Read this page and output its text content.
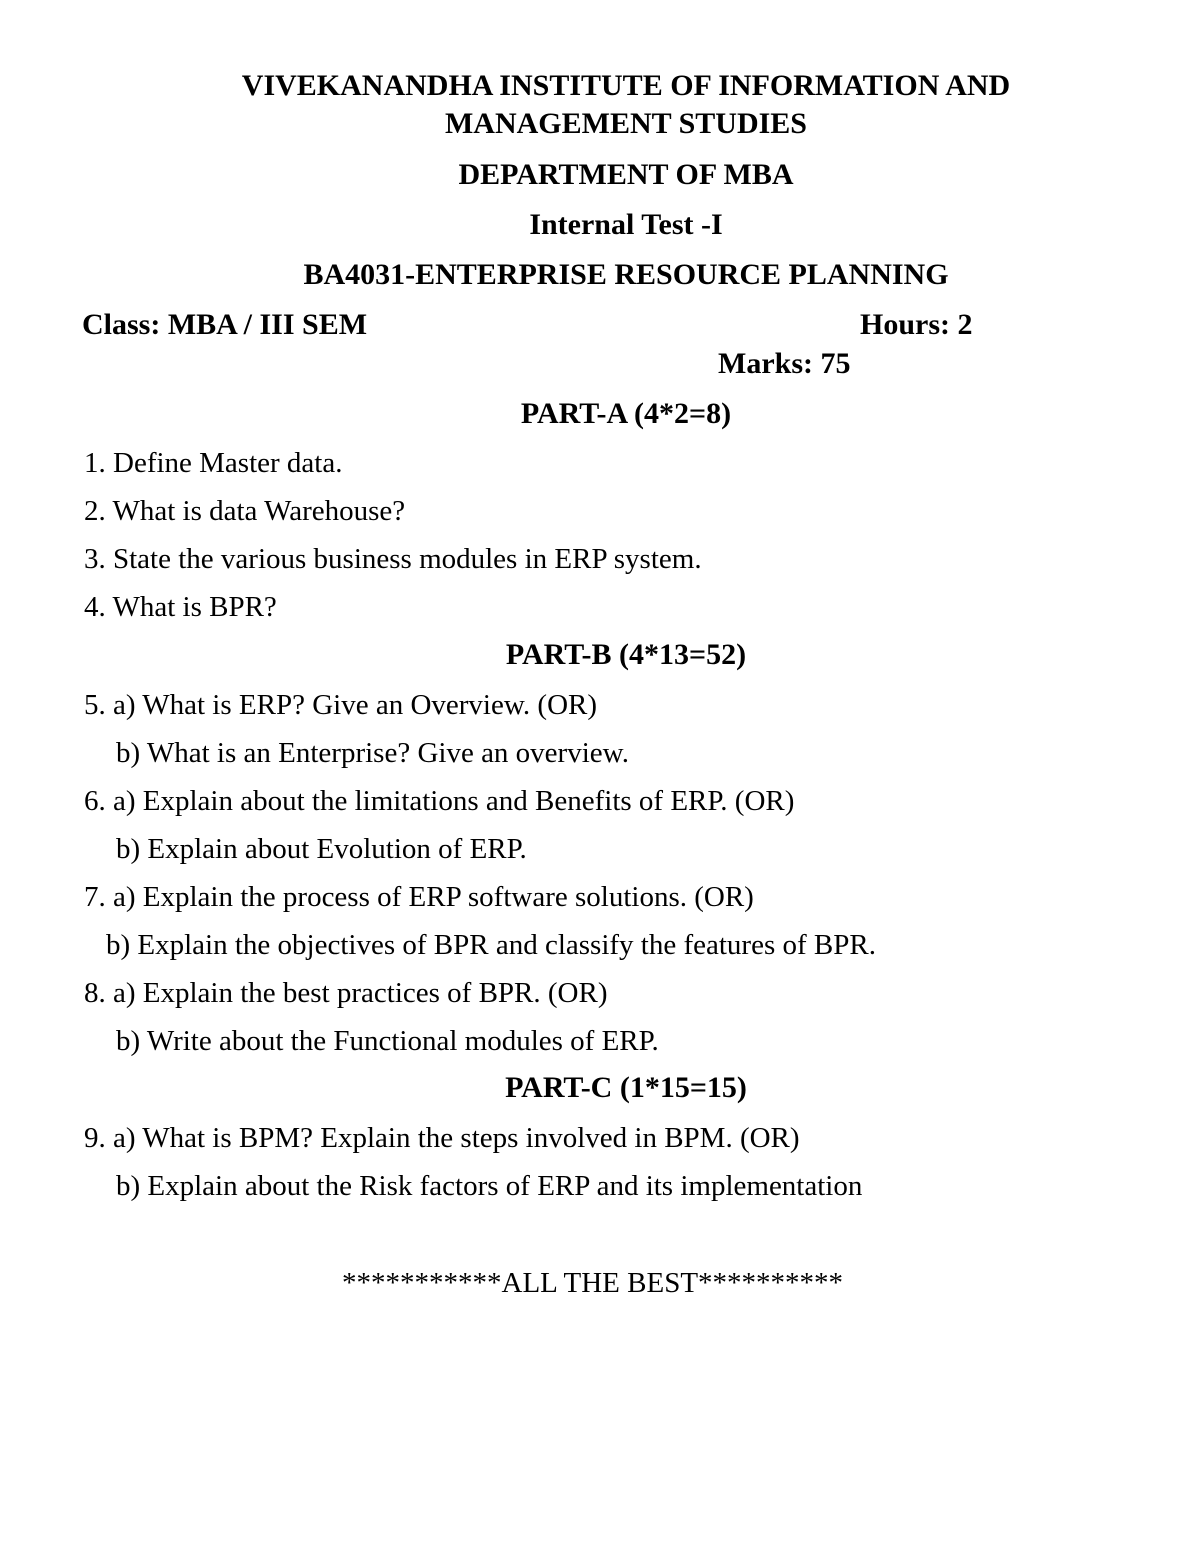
VIVEKANANDHA INSTITUTE OF INFORMATION AND
MANAGEMENT STUDIES
DEPARTMENT OF MBA
Internal Test -I
BA4031-ENTERPRISE RESOURCE PLANNING
Class: MBA / III SEM	Hours: 2
Marks: 75
PART-A (4*2=8)
1. Define Master data.
2. What is data Warehouse?
3. State the various business modules in ERP system.
4. What is BPR?
PART-B (4*13=52)
5. a) What is ERP? Give an Overview. (OR)
b) What is an Enterprise? Give an overview.
6. a) Explain about the limitations and Benefits of ERP. (OR)
b) Explain about Evolution of ERP.
7. a) Explain the process of ERP software solutions. (OR)
b) Explain the objectives of BPR and classify the features of BPR.
8. a) Explain the best practices of BPR. (OR)
b) Write about the Functional modules of ERP.
PART-C (1*15=15)
9. a) What is BPM? Explain the steps involved in BPM. (OR)
b) Explain about the Risk factors of ERP and its implementation
***********ALL THE BEST**********
